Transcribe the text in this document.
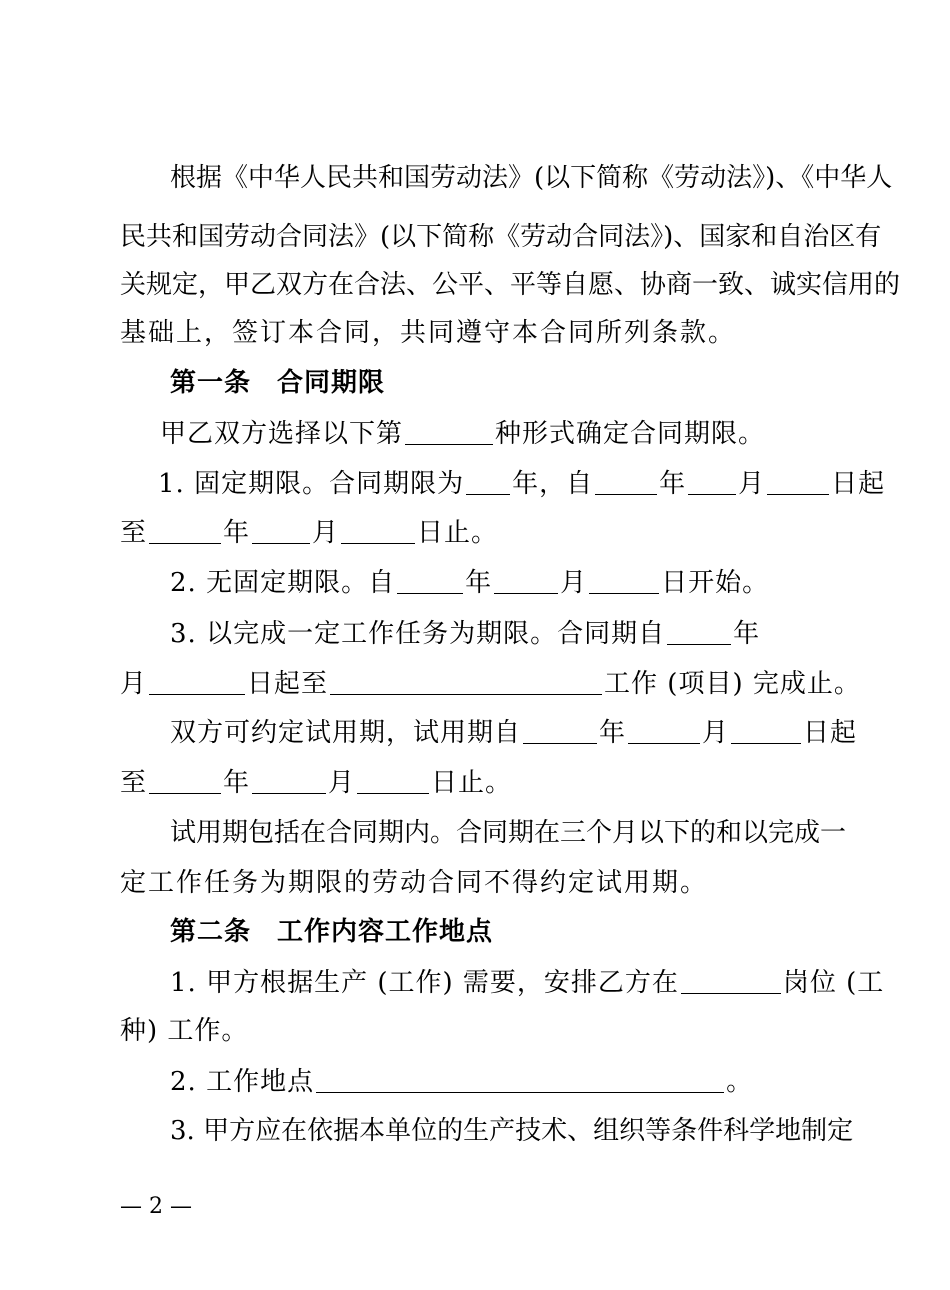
根据《中华人民共和国劳动法》(以下简称《劳动法》)、《中华人
民共和国劳动合同法》(以下简称《劳动合同法》)、国家和自治区有
关规定，甲乙双方在合法、公平、平等自愿、协商一致、诚实信用的
基础上，签订本合同，共同遵守本合同所列条款。
第一条 合同期限
甲乙双方选择以下第	种形式确定合同期限。
1. 固定期限。合同期限为 年，自	年 月	日起
至	年 月	日止。
2. 无固定期限。自	年	月	日开始。
3. 以完成一定工作任务为期限。合同期自	年
月	日起至	工作 (项目) 完成止。
双方可约定试用期，试用期自	年	月	日起
至	年	月	日止。
试用期包括在合同期内。合同期在三个月以下的和以完成一
定工作任务为期限的劳动合同不得约定试用期。
第二条 工作内容工作地点
1. 甲方根据生产 (工作) 需要，安排乙方在	岗位 (工
种) 工作。
2. 工作地点	。
3. 甲方应在依据本单位的生产技术、组织等条件科学地制定
— 2 —
